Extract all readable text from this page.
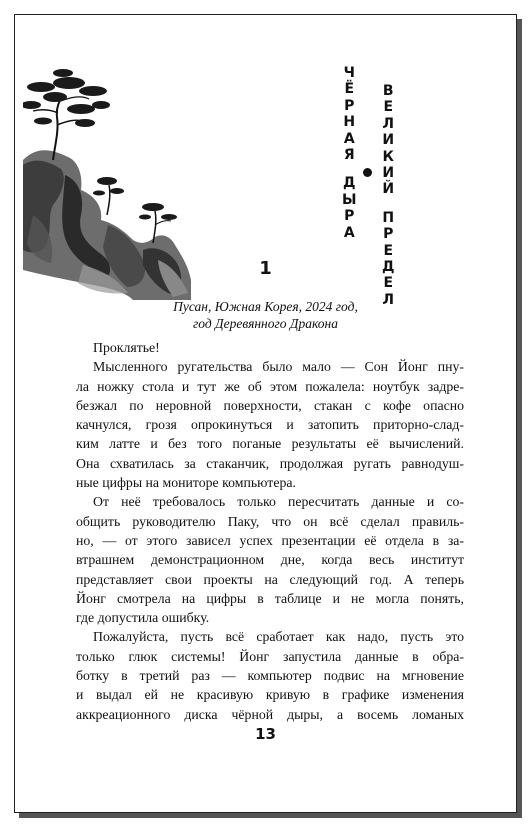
Ч
Ё
Р
Н
А
Я
Д
Ы
Р
А
В
Е
Л
И
К
И
Й
П
Р
Е
Д
Е
Л
1
Пусан, Южная Корея, 2024 год,
год Деревянного Дракона

Проклятье!

Мысленного ругательства было мало — Сон Йонг пну-
ла ножку стола и тут же об этом пожалела: ноутбук задре-
безжал по неровной поверхности, стакан с кофе опасно
качнулся, грозя опрокинуться и затопить приторно-слад-
ким латте и без того поганые результаты её вычислений.
Она схватилась за стаканчик, продолжая ругать равнодуш-
ные цифры на мониторе компьютера.

От неё требовалось только пересчитать данные и со-
общить руководителю Паку, что он всё сделал правиль-
но, — от этого зависел успех презентации её отдела в за-
втрашнем демонстрационном дне, когда весь институт
представляет свои проекты на следующий год. А теперь
Йонг смотрела на цифры в таблице и не могла понять,
где допустила ошибку.

Пожалуйста, пусть всё сработает как надо, пусть это
только глюк системы! Йонг запустила данные в обра-
ботку в третий раз — компьютер подвис на мгновение
и выдал ей не красивую кривую в графике изменения
аккреационного диска чёрной дыры, а восемь ломаных

13
